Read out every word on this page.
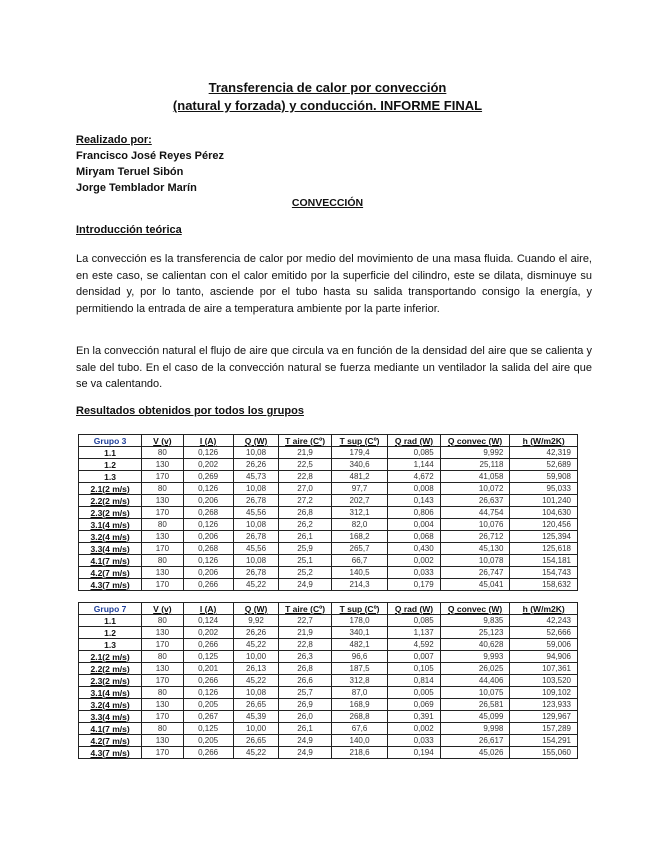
Transferencia de calor por convección
(natural y forzada) y conducción. INFORME FINAL
Realizado por:
Francisco José Reyes Pérez
Miryam Teruel Sibón
Jorge Temblador Marín
CONVECCIÓN
Introducción teórica

La convección es la transferencia de calor por medio del movimiento de una masa fluida. Cuando el aire, en este caso, se calientan con el calor emitido por la superficie del cilindro, este se dilata, disminuye su densidad y, por lo tanto, asciende por el tubo hasta su salida transportando consigo la energía, y permitiendo la entrada de aire a temperatura ambiente por la parte inferior.

En la convección natural el flujo de aire que circula va en función de la densidad del aire que se calienta y sale del tubo. En el caso de la convección natural se fuerza mediante un ventilador la salida del aire que se va calentando.

Resultados obtenidos por todos los grupos
Grupo 3	V (v)	I (A)	Q (W)	T aire (Cº)	T sup (Cº)	Q rad (W)	Q convec (W)	h (W/m2K)
1.1	80	0,126	10,08	21,9	179,4	0,085	9,992	42,319
1.2	130	0,202	26,26	22,5	340,6	1,144	25,118	52,689
1.3	170	0,269	45,73	22,8	481,2	4,672	41,058	59,908
2.1(2 m/s)	80	0,126	10,08	27,0	97,7	0,008	10,072	95,033
2.2(2 m/s)	130	0,206	26,78	27,2	202,7	0,143	26,637	101,240
2.3(2 m/s)	170	0,268	45,56	26,8	312,1	0,806	44,754	104,630
3.1(4 m/s)	80	0,126	10,08	26,2	82,0	0,004	10,076	120,456
3.2(4 m/s)	130	0,206	26,78	26,1	168,2	0,068	26,712	125,394
3.3(4 m/s)	170	0,268	45,56	25,9	265,7	0,430	45,130	125,618
4.1(7 m/s)	80	0,126	10,08	25,1	66,7	0,002	10,078	154,181
4.2(7 m/s)	130	0,206	26,78	25,2	140,5	0,033	26,747	154,743
4.3(7 m/s)	170	0,266	45,22	24,9	214,3	0,179	45,041	158,632
Grupo 7	V (v)	I (A)	Q (W)	T aire (Cº)	T sup (Cº)	Q rad (W)	Q convec (W)	h (W/m2K)
1.1	80	0,124	9,92	22,7	178,0	0,085	9,835	42,243
1.2	130	0,202	26,26	21,9	340,1	1,137	25,123	52,666
1.3	170	0,266	45,22	22,8	482,1	4,592	40,628	59,006
2.1(2 m/s)	80	0,125	10,00	26,3	96,6	0,007	9,993	94,906
2.2(2 m/s)	130	0,201	26,13	26,8	187,5	0,105	26,025	107,361
2.3(2 m/s)	170	0,266	45,22	26,6	312,8	0,814	44,406	103,520
3.1(4 m/s)	80	0,126	10,08	25,7	87,0	0,005	10,075	109,102
3.2(4 m/s)	130	0,205	26,65	26,9	168,9	0,069	26,581	123,933
3.3(4 m/s)	170	0,267	45,39	26,0	268,8	0,391	45,099	129,967
4.1(7 m/s)	80	0,125	10,00	26,1	67,6	0,002	9,998	157,289
4.2(7 m/s)	130	0,205	26,65	24,9	140,0	0,033	26,617	154,291
4.3(7 m/s)	170	0,266	45,22	24,9	218,6	0,194	45,026	155,060
